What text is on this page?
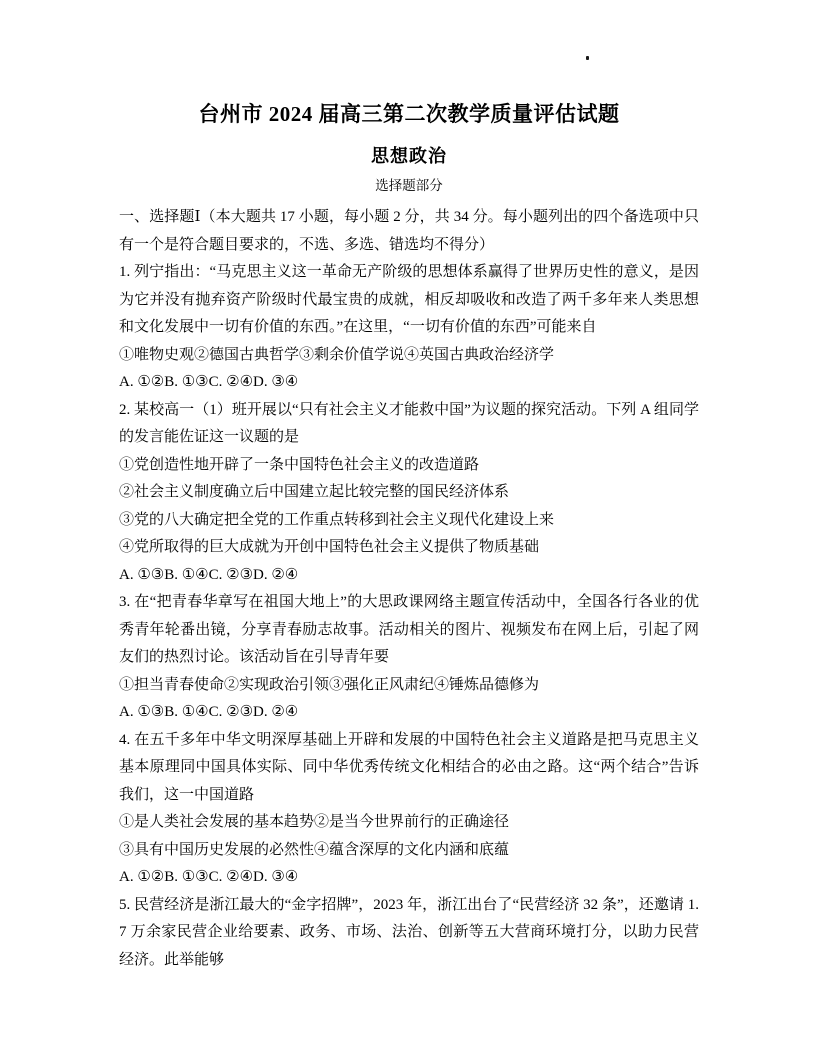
台州市 2024 届高三第二次教学质量评估试题
思想政治
选择题部分

一、选择题Ⅰ（本大题共 17 小题，每小题 2 分，共 34 分。每小题列出的四个备选项中只有一个是符合题目要求的，不选、多选、错选均不得分）

1. 列宁指出：“马克思主义这一革命无产阶级的思想体系赢得了世界历史性的意义，是因为它并没有抛弃资产阶级时代最宝贵的成就，相反却吸收和改造了两千多年来人类思想和文化发展中一切有价值的东西。”在这里，“一切有价值的东西”可能来自

①唯物史观②德国古典哲学③剩余价值学说④英国古典政治经济学

A. ①②B. ①③C. ②④D. ③④

2. 某校高一（1）班开展以“只有社会主义才能救中国”为议题的探究活动。下列 A 组同学的发言能佐证这一议题的是

①党创造性地开辟了一条中国特色社会主义的改造道路

②社会主义制度确立后中国建立起比较完整的国民经济体系

③党的八大确定把全党的工作重点转移到社会主义现代化建设上来

④党所取得的巨大成就为开创中国特色社会主义提供了物质基础

A. ①③B. ①④C. ②③D. ②④

3. 在“把青春华章写在祖国大地上”的大思政课网络主题宣传活动中，全国各行各业的优秀青年轮番出镜，分享青春励志故事。活动相关的图片、视频发布在网上后，引起了网友们的热烈讨论。该活动旨在引导青年要

①担当青春使命②实现政治引领③强化正风肃纪④锤炼品德修为

A. ①③B. ①④C. ②③D. ②④

4. 在五千多年中华文明深厚基础上开辟和发展的中国特色社会主义道路是把马克思主义基本原理同中国具体实际、同中华优秀传统文化相结合的必由之路。这“两个结合”告诉我们，这一中国道路

①是人类社会发展的基本趋势②是当今世界前行的正确途径

③具有中国历史发展的必然性④蕴含深厚的文化内涵和底蕴

A. ①②B. ①③C. ②④D. ③④

5. 民营经济是浙江最大的“金字招牌”，2023 年，浙江出台了“民营经济 32 条”，还邀请 1.7 万余家民营企业给要素、政务、市场、法治、创新等五大营商环境打分，以助力民营经济。此举能够
